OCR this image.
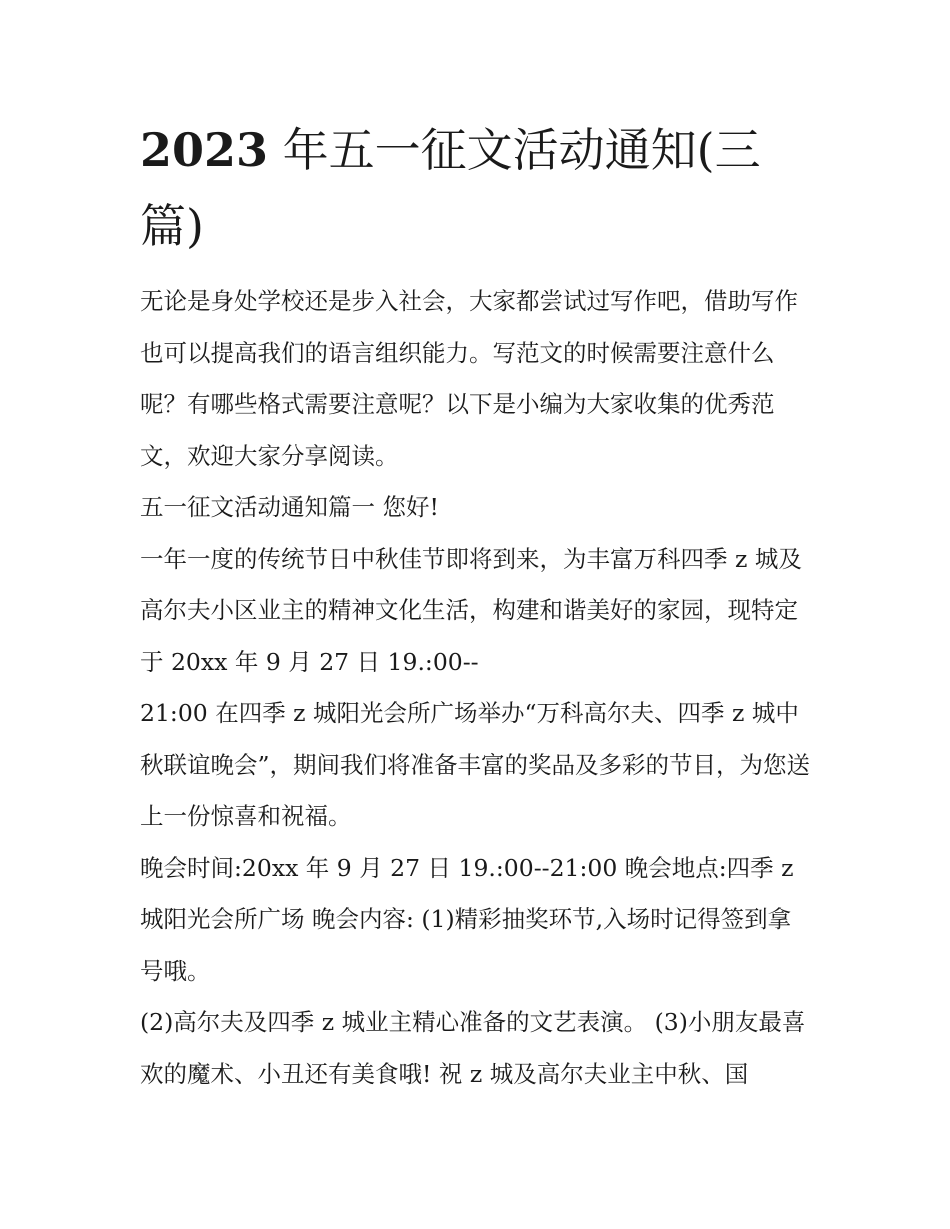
2023 年五一征文活动通知(三篇)

无论是身处学校还是步入社会，大家都尝试过写作吧，借助写作也可以提高我们的语言组织能力。写范文的时候需要注意什么呢？有哪些格式需要注意呢？以下是小编为大家收集的优秀范文，欢迎大家分享阅读。

五一征文活动通知篇一 您好!

一年一度的传统节日中秋佳节即将到来，为丰富万科四季 z 城及高尔夫小区业主的精神文化生活，构建和谐美好的家园，现特定于 20xx 年 9 月 27 日 19.:00--

21:00 在四季 z 城阳光会所广场举办“万科高尔夫、四季 z 城中秋联谊晚会”，期间我们将准备丰富的奖品及多彩的节目，为您送上一份惊喜和祝福。

晚会时间:20xx 年 9 月 27 日 19.:00--21:00 晚会地点:四季 z 城阳光会所广场 晚会内容: (1)精彩抽奖环节,入场时记得签到拿号哦。

(2)高尔夫及四季 z 城业主精心准备的文艺表演。 (3)小朋友最喜欢的魔术、小丑还有美食哦! 祝 z 城及高尔夫业主中秋、国
